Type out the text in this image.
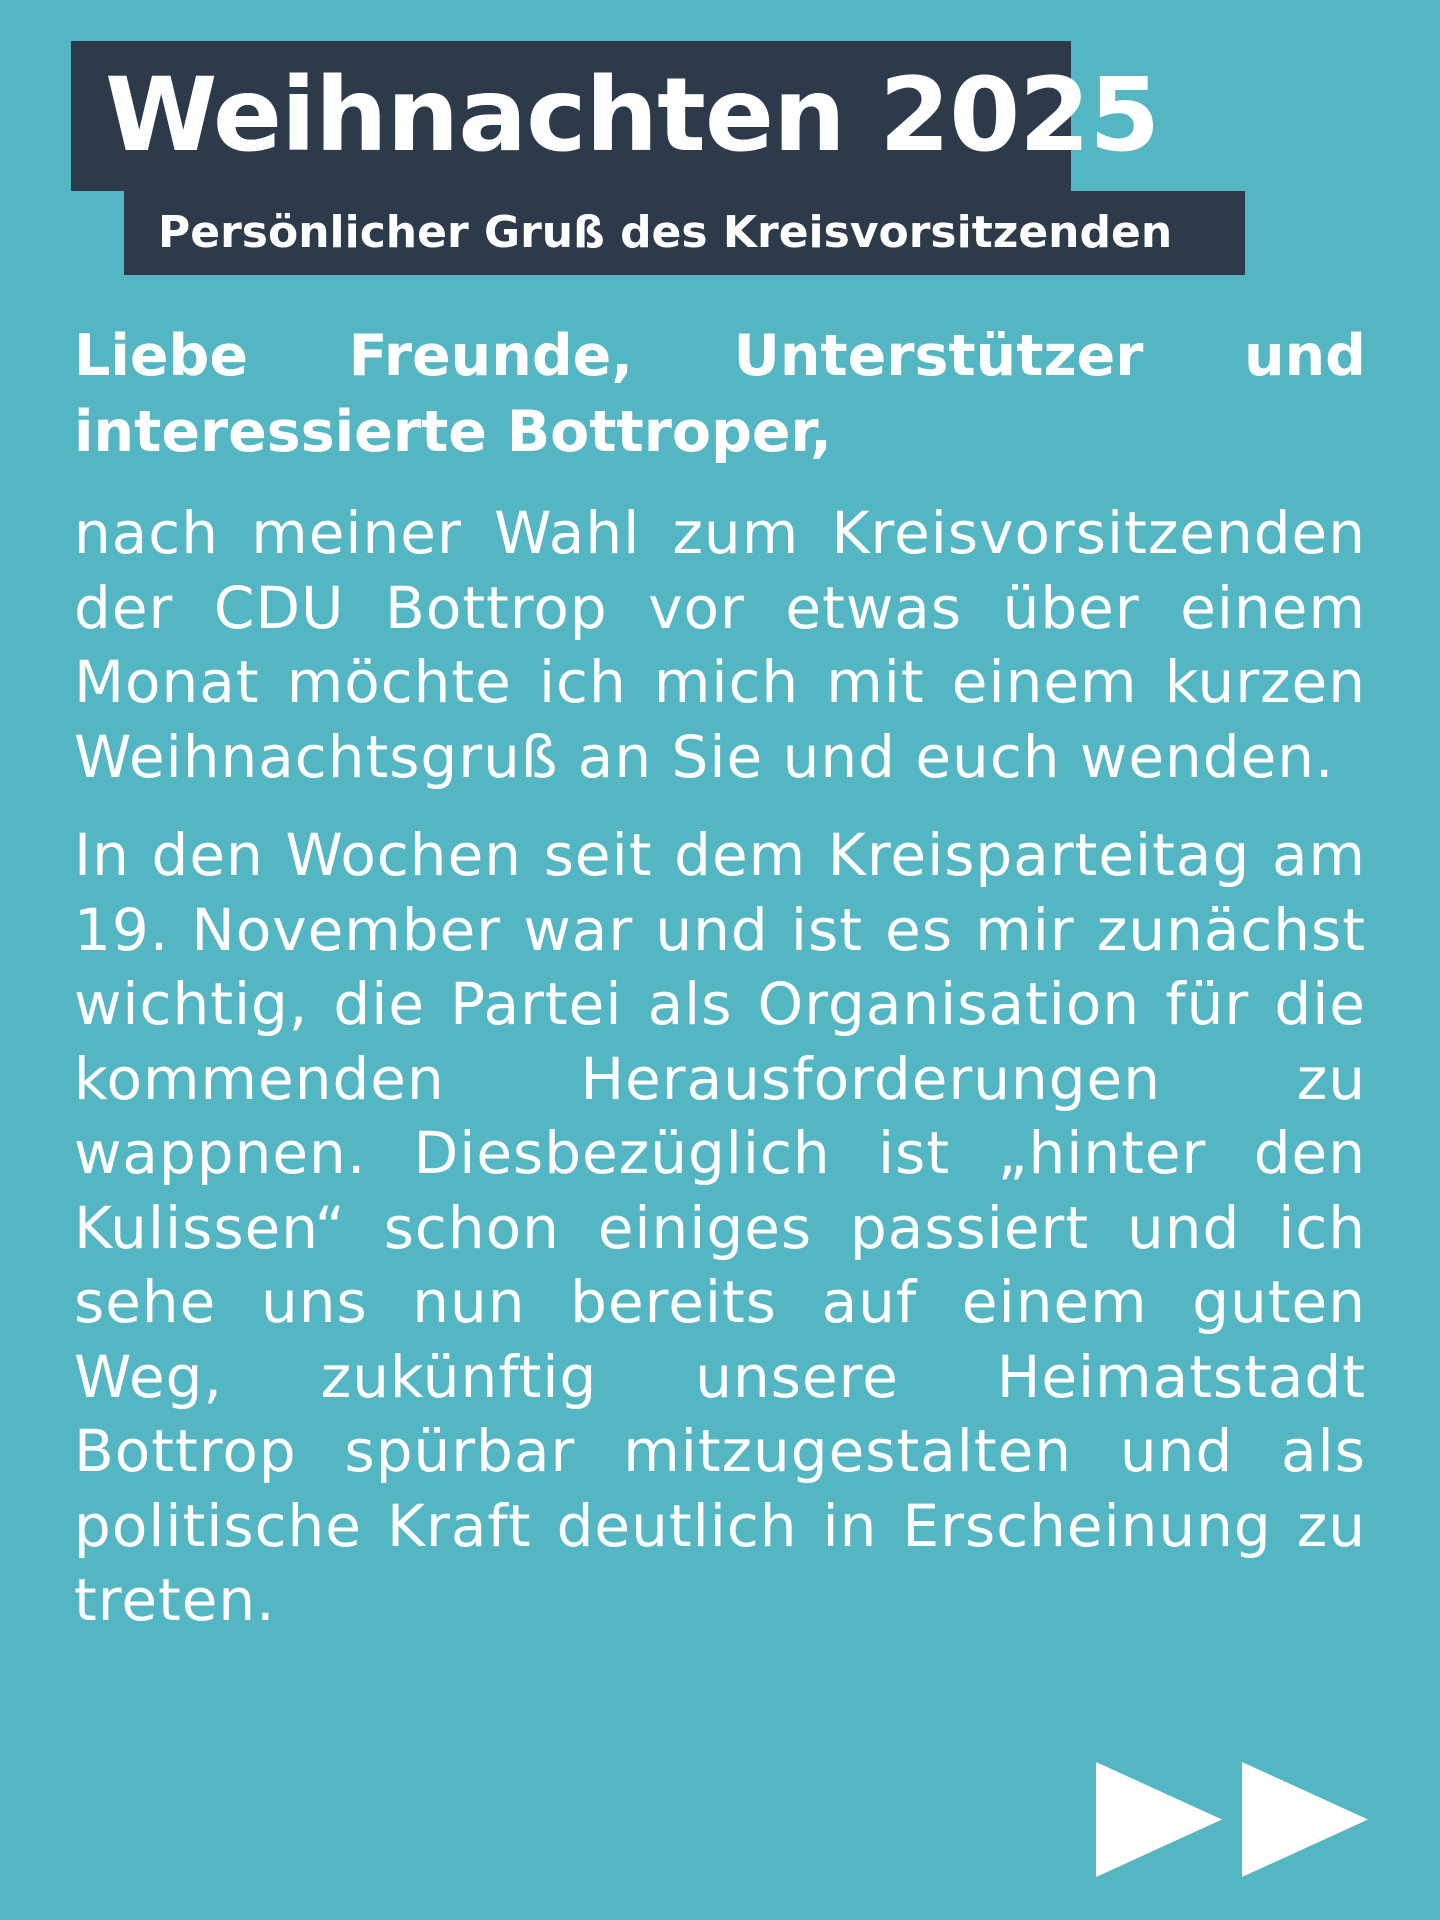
Weihnachten 2025
Persönlicher Gruß des Kreisvorsitzenden

Liebe Freunde, Unterstützer und interessierte Bottroper,

nach meiner Wahl zum Kreisvorsitzenden der CDU Bottrop vor etwas über einem Monat möchte ich mich mit einem kurzen Weihnachtsgruß an Sie und euch wenden.

In den Wochen seit dem Kreisparteitag am 19. November war und ist es mir zunächst wichtig, die Partei als Organisation für die kommenden Herausforderungen zu wappnen. Diesbezüglich ist „hinter den Kulissen“ schon einiges passiert und ich sehe uns nun bereits auf einem guten Weg, zukünftig unsere Heimatstadt Bottrop spürbar mitzugestalten und als politische Kraft deutlich in Erscheinung zu treten.
